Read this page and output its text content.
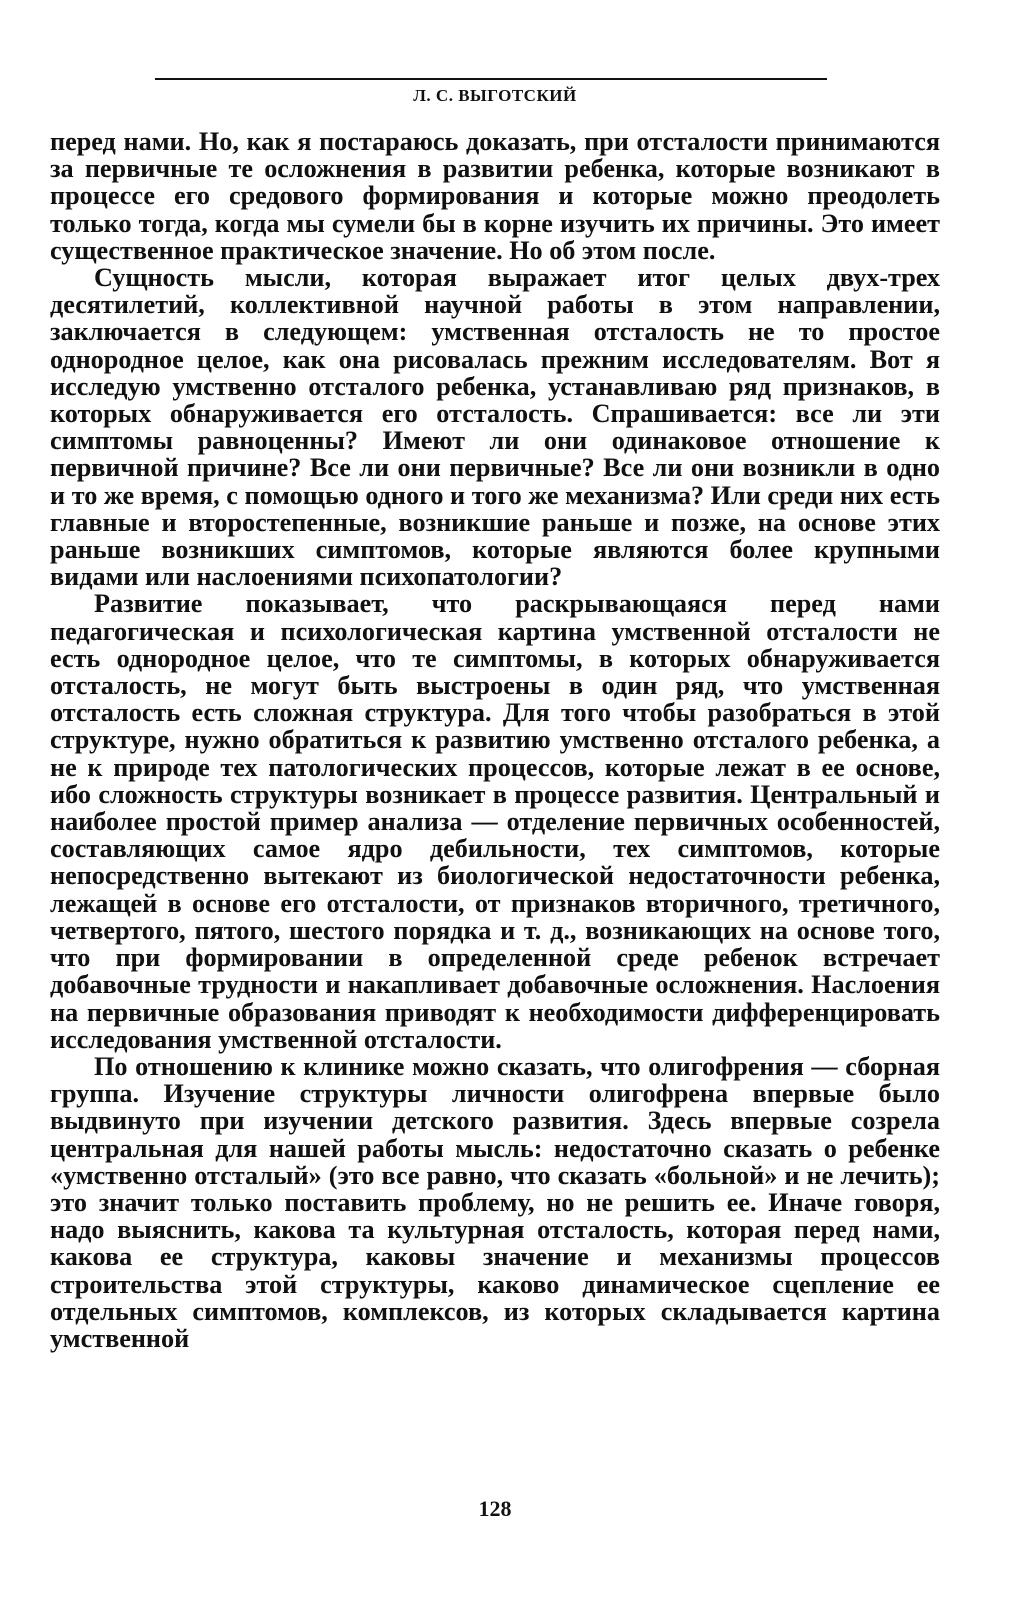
Л. С. ВЫГОТСКИЙ

перед нами. Но, как я постараюсь доказать, при отсталости принимаются за первичные те осложнения в развитии ребенка, которые возникают в процессе его средового формирования и которые можно преодолеть только тогда, когда мы сумели бы в корне изучить их причины. Это имеет существенное практическое значение. Но об этом после.

Сущность мысли, которая выражает итог целых двух-трех десятилетий, коллективной научной работы в этом направлении, заключается в следующем: умственная отсталость не то простое однородное целое, как она рисовалась прежним исследователям. Вот я исследую умственно отсталого ребенка, устанавливаю ряд признаков, в которых обнаруживается его отсталость. Спрашивается: все ли эти симптомы равноценны? Имеют ли они одинаковое отношение к первичной причине? Все ли они первичные? Все ли они возникли в одно и то же время, с помощью одного и того же механизма? Или среди них есть главные и второстепенные, возникшие раньше и позже, на основе этих раньше возникших симптомов, которые являются более крупными видами или наслоениями психопатологии?

Развитие показывает, что раскрывающаяся перед нами педагогическая и психологическая картина умственной отсталости не есть однородное целое, что те симптомы, в которых обнаруживается отсталость, не могут быть выстроены в один ряд, что умственная отсталость есть сложная структура. Для того чтобы разобраться в этой структуре, нужно обратиться к развитию умственно отсталого ребенка, а не к природе тех патологических процессов, которые лежат в ее основе, ибо сложность структуры возникает в процессе развития. Центральный и наиболее простой пример анализа — отделение первичных особенностей, составляющих самое ядро дебильности, тех симптомов, которые непосредственно вытекают из биологической недостаточности ребенка, лежащей в основе его отсталости, от признаков вторичного, третичного, четвертого, пятого, шестого порядка и т. д., возникающих на основе того, что при формировании в определенной среде ребенок встречает добавочные трудности и накапливает добавочные осложнения. Наслоения на первичные образования приводят к необходимости дифференцировать исследования умственной отсталости.

По отношению к клинике можно сказать, что олигофрения — сборная группа. Изучение структуры личности олигофрена впервые было выдвинуто при изучении детского развития. Здесь впервые созрела центральная для нашей работы мысль: недостаточно сказать о ребенке «умственно отсталый» (это все равно, что сказать «больной» и не лечить); это значит только поставить проблему, но не решить ее. Иначе говоря, надо выяснить, какова та культурная отсталость, которая перед нами, какова ее структура, каковы значение и механизмы процессов строительства этой структуры, каково динамическое сцепление ее отдельных симптомов, комплексов, из которых складывается картина умственной

128
